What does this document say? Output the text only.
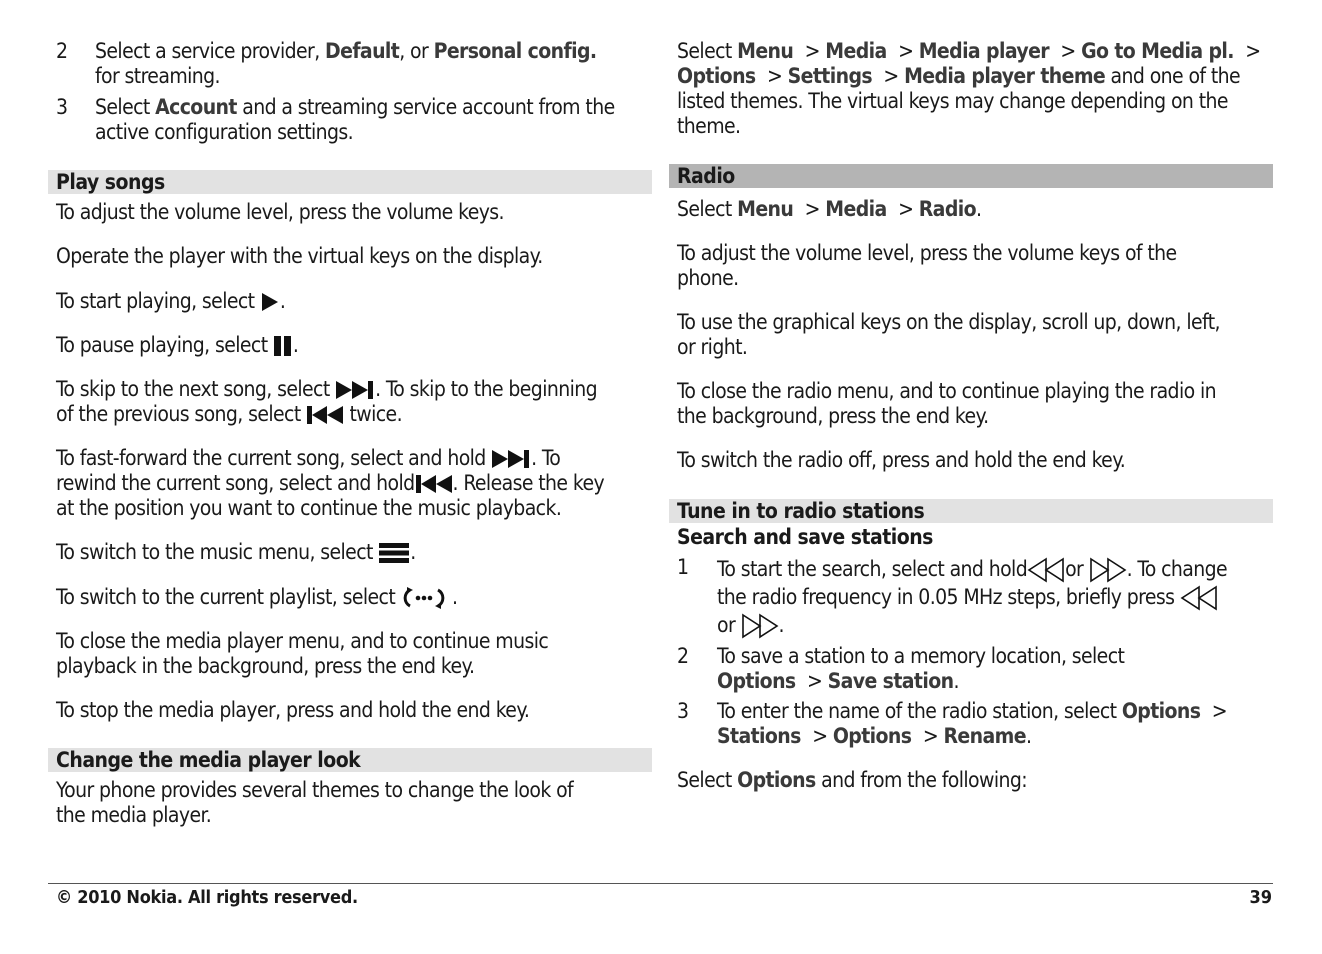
2 Select a service provider, Default, or Personal config.
for streaming.

3 Select Account and a streaming service account from the
active configuration settings.

Play songs

To adjust the volume level, press the volume keys.

Operate the player with the virtual keys on the display.

To start playing, select .

To pause playing, select .

To skip to the next song, select . To skip to the beginning
of the previous song, select twice.

To fast-forward the current song, select and hold . To
rewind the current song, select and hold . Release the key
at the position you want to continue the music playback.

To switch to the music menu, select .

To switch to the current playlist, select	.

To close the media player menu, and to continue music
playback in the background, press the end key.

To stop the media player, press and hold the end key.

Change the media player look

Your phone provides several themes to change the look of
the media player.

Select Menu > Media > Media player > Go to Media pl. >
Options > Settings > Media player theme and one of the
listed themes. The virtual keys may change depending on the
theme.

Radio

Select Menu > Media > Radio.

To adjust the volume level, press the volume keys of the
phone.

To use the graphical keys on the display, scroll up, down, left,
or right.

To close the radio menu, and to continue playing the radio in
the background, press the end key.

To switch the radio off, press and hold the end key.

Tune in to radio stations
Search and save stations
1 To start the search, select and hold or . To change
the radio frequency in 0.05 MHz steps, briefly press
or .
2 To save a station to a memory location, select
Options > Save station.

3 To enter the name of the radio station, select Options >
Stations > Options > Rename.

Select Options and from the following:

© 2010 Nokia. All rights reserved.	39
